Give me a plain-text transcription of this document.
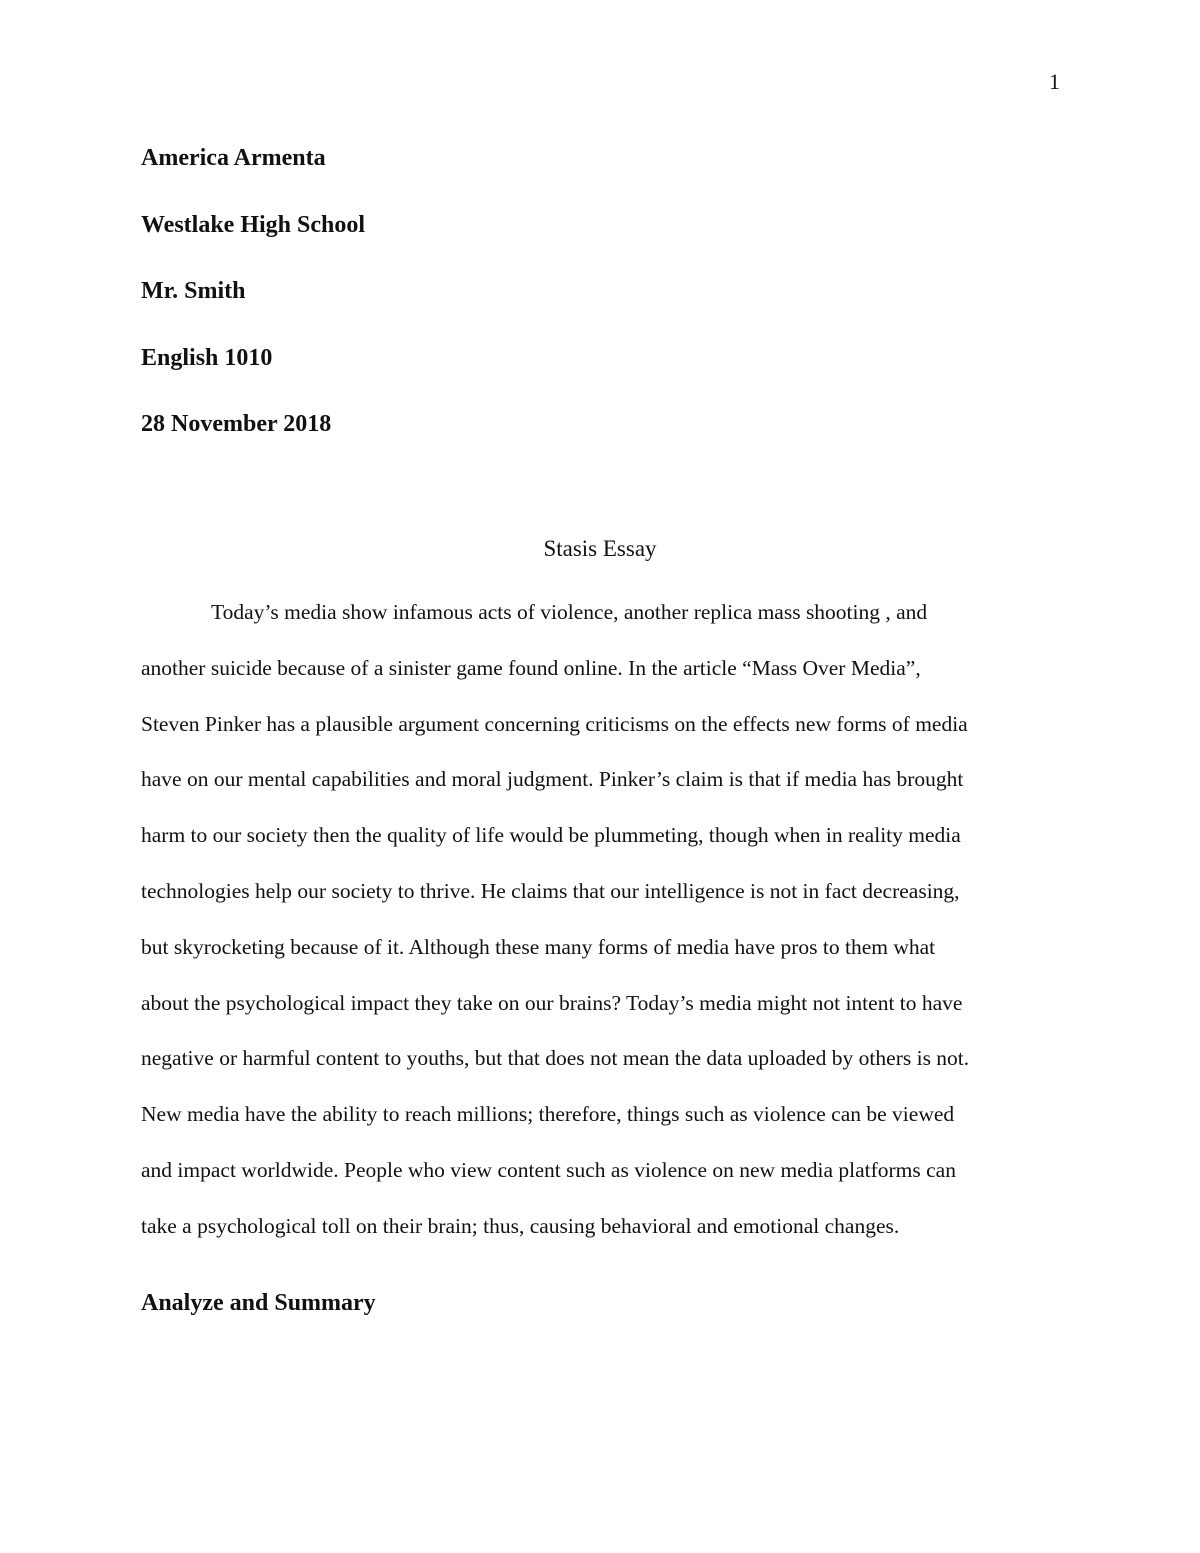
1
America Armenta
Westlake High School
Mr. Smith
English 1010
28 November 2018
Stasis Essay
Today’s media show infamous acts of violence, another replica mass shooting , and
another suicide because of a sinister game found online. In the article “Mass Over Media”,
Steven Pinker has a plausible argument concerning criticisms on the effects new forms of media
have on our mental capabilities and moral judgment. Pinker’s claim is that if media has brought
harm to our society then the quality of life would be plummeting, though when in reality media
technologies help our society to thrive. He claims that our intelligence is not in fact decreasing,
but skyrocketing because of it. Although these many forms of media have pros to them what
about the psychological impact they take on our brains? Today’s media might not intent to have
negative or harmful content to youths, but that does not mean the data uploaded by others is not.
New media have the ability to reach millions; therefore, things such as violence can be viewed
and impact worldwide. People who view content such as violence on new media platforms can
take a psychological toll on their brain; thus, causing behavioral and emotional changes.
Analyze and Summary
